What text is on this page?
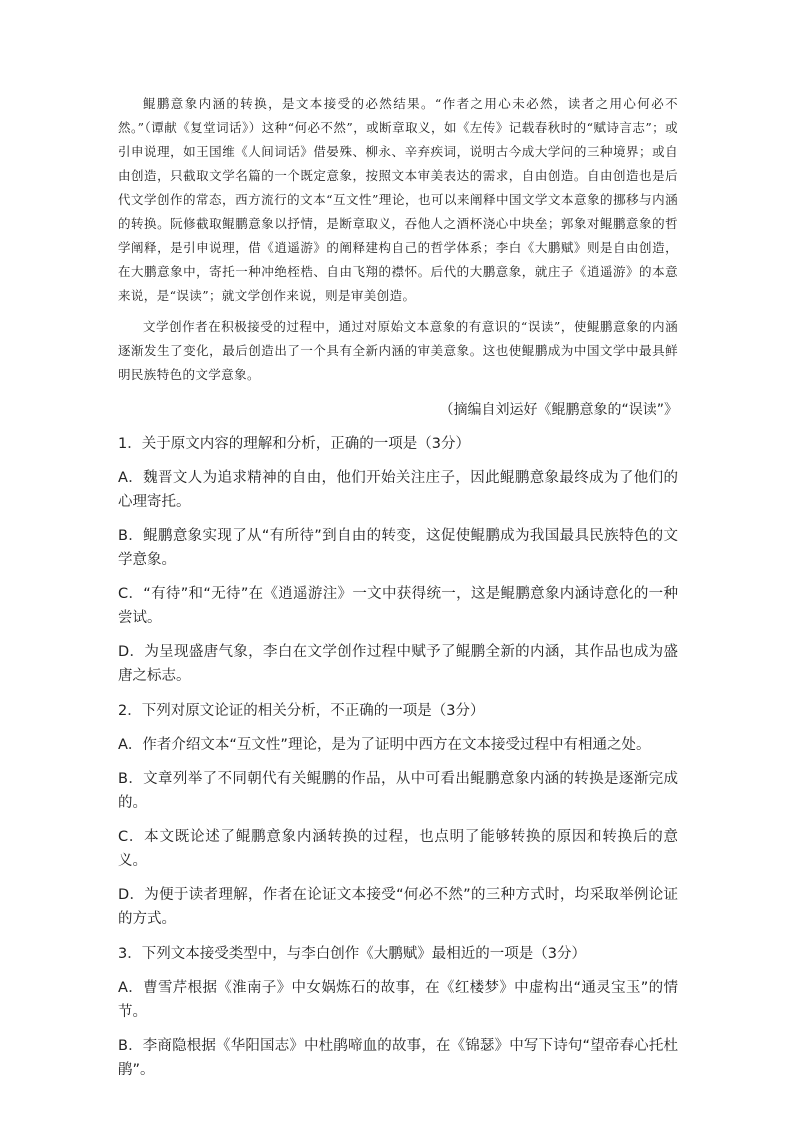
鲲鹏意象内涵的转换，是文本接受的必然结果。“作者之用心未必然，读者之用心何必不然。”（谭献《复堂词话》）这种“何必不然”，或断章取义，如《左传》记载春秋时的“赋诗言志”；或引申说理，如王国维《人间词话》借晏殊、柳永、辛弃疾词，说明古今成大学问的三种境界；或自由创造，只截取文学名篇的一个既定意象，按照文本审美表达的需求，自由创造。自由创造也是后代文学创作的常态，西方流行的文本“互文性”理论，也可以来阐释中国文学文本意象的挪移与内涵的转换。阮修截取鲲鹏意象以抒情，是断章取义，吞他人之酒杯浇心中块垒；郭象对鲲鹏意象的哲学阐释，是引申说理，借《逍遥游》的阐释建构自己的哲学体系；李白《大鹏赋》则是自由创造，在大鹏意象中，寄托一种冲绝桎梏、自由飞翔的襟怀。后代的大鹏意象，就庄子《逍遥游》的本意来说，是“误读”；就文学创作来说，则是审美创造。

文学创作者在积极接受的过程中，通过对原始文本意象的有意识的“误读”，使鲲鹏意象的内涵逐渐发生了变化，最后创造出了一个具有全新内涵的审美意象。这也使鲲鹏成为中国文学中最具鲜明民族特色的文学意象。

（摘编自刘运好《鲲鹏意象的“误读”》
1．关于原文内容的理解和分析，正确的一项是（3分）
A．魏晋文人为追求精神的自由，他们开始关注庄子，因此鲲鹏意象最终成为了他们的心理寄托。
B．鲲鹏意象实现了从“有所待”到自由的转变，这促使鲲鹏成为我国最具民族特色的文学意象。
C．“有待”和“无待”在《逍遥游注》一文中获得统一，这是鲲鹏意象内涵诗意化的一种尝试。
D．为呈现盛唐气象，李白在文学创作过程中赋予了鲲鹏全新的内涵，其作品也成为盛唐之标志。
2．下列对原文论证的相关分析，不正确的一项是（3分）
A．作者介绍文本“互文性”理论，是为了证明中西方在文本接受过程中有相通之处。
B．文章列举了不同朝代有关鲲鹏的作品，从中可看出鲲鹏意象内涵的转换是逐渐完成的。
C．本文既论述了鲲鹏意象内涵转换的过程，也点明了能够转换的原因和转换后的意义。
D．为便于读者理解，作者在论证文本接受“何必不然”的三种方式时，均采取举例论证的方式。
3．下列文本接受类型中，与李白创作《大鹏赋》最相近的一项是（3分）
A．曹雪芹根据《淮南子》中女娲炼石的故事，在《红楼梦》中虚构出“通灵宝玉”的情节。
B．李商隐根据《华阳国志》中杜鹃啼血的故事，在《锦瑟》中写下诗句“望帝春心托杜鹃”。
